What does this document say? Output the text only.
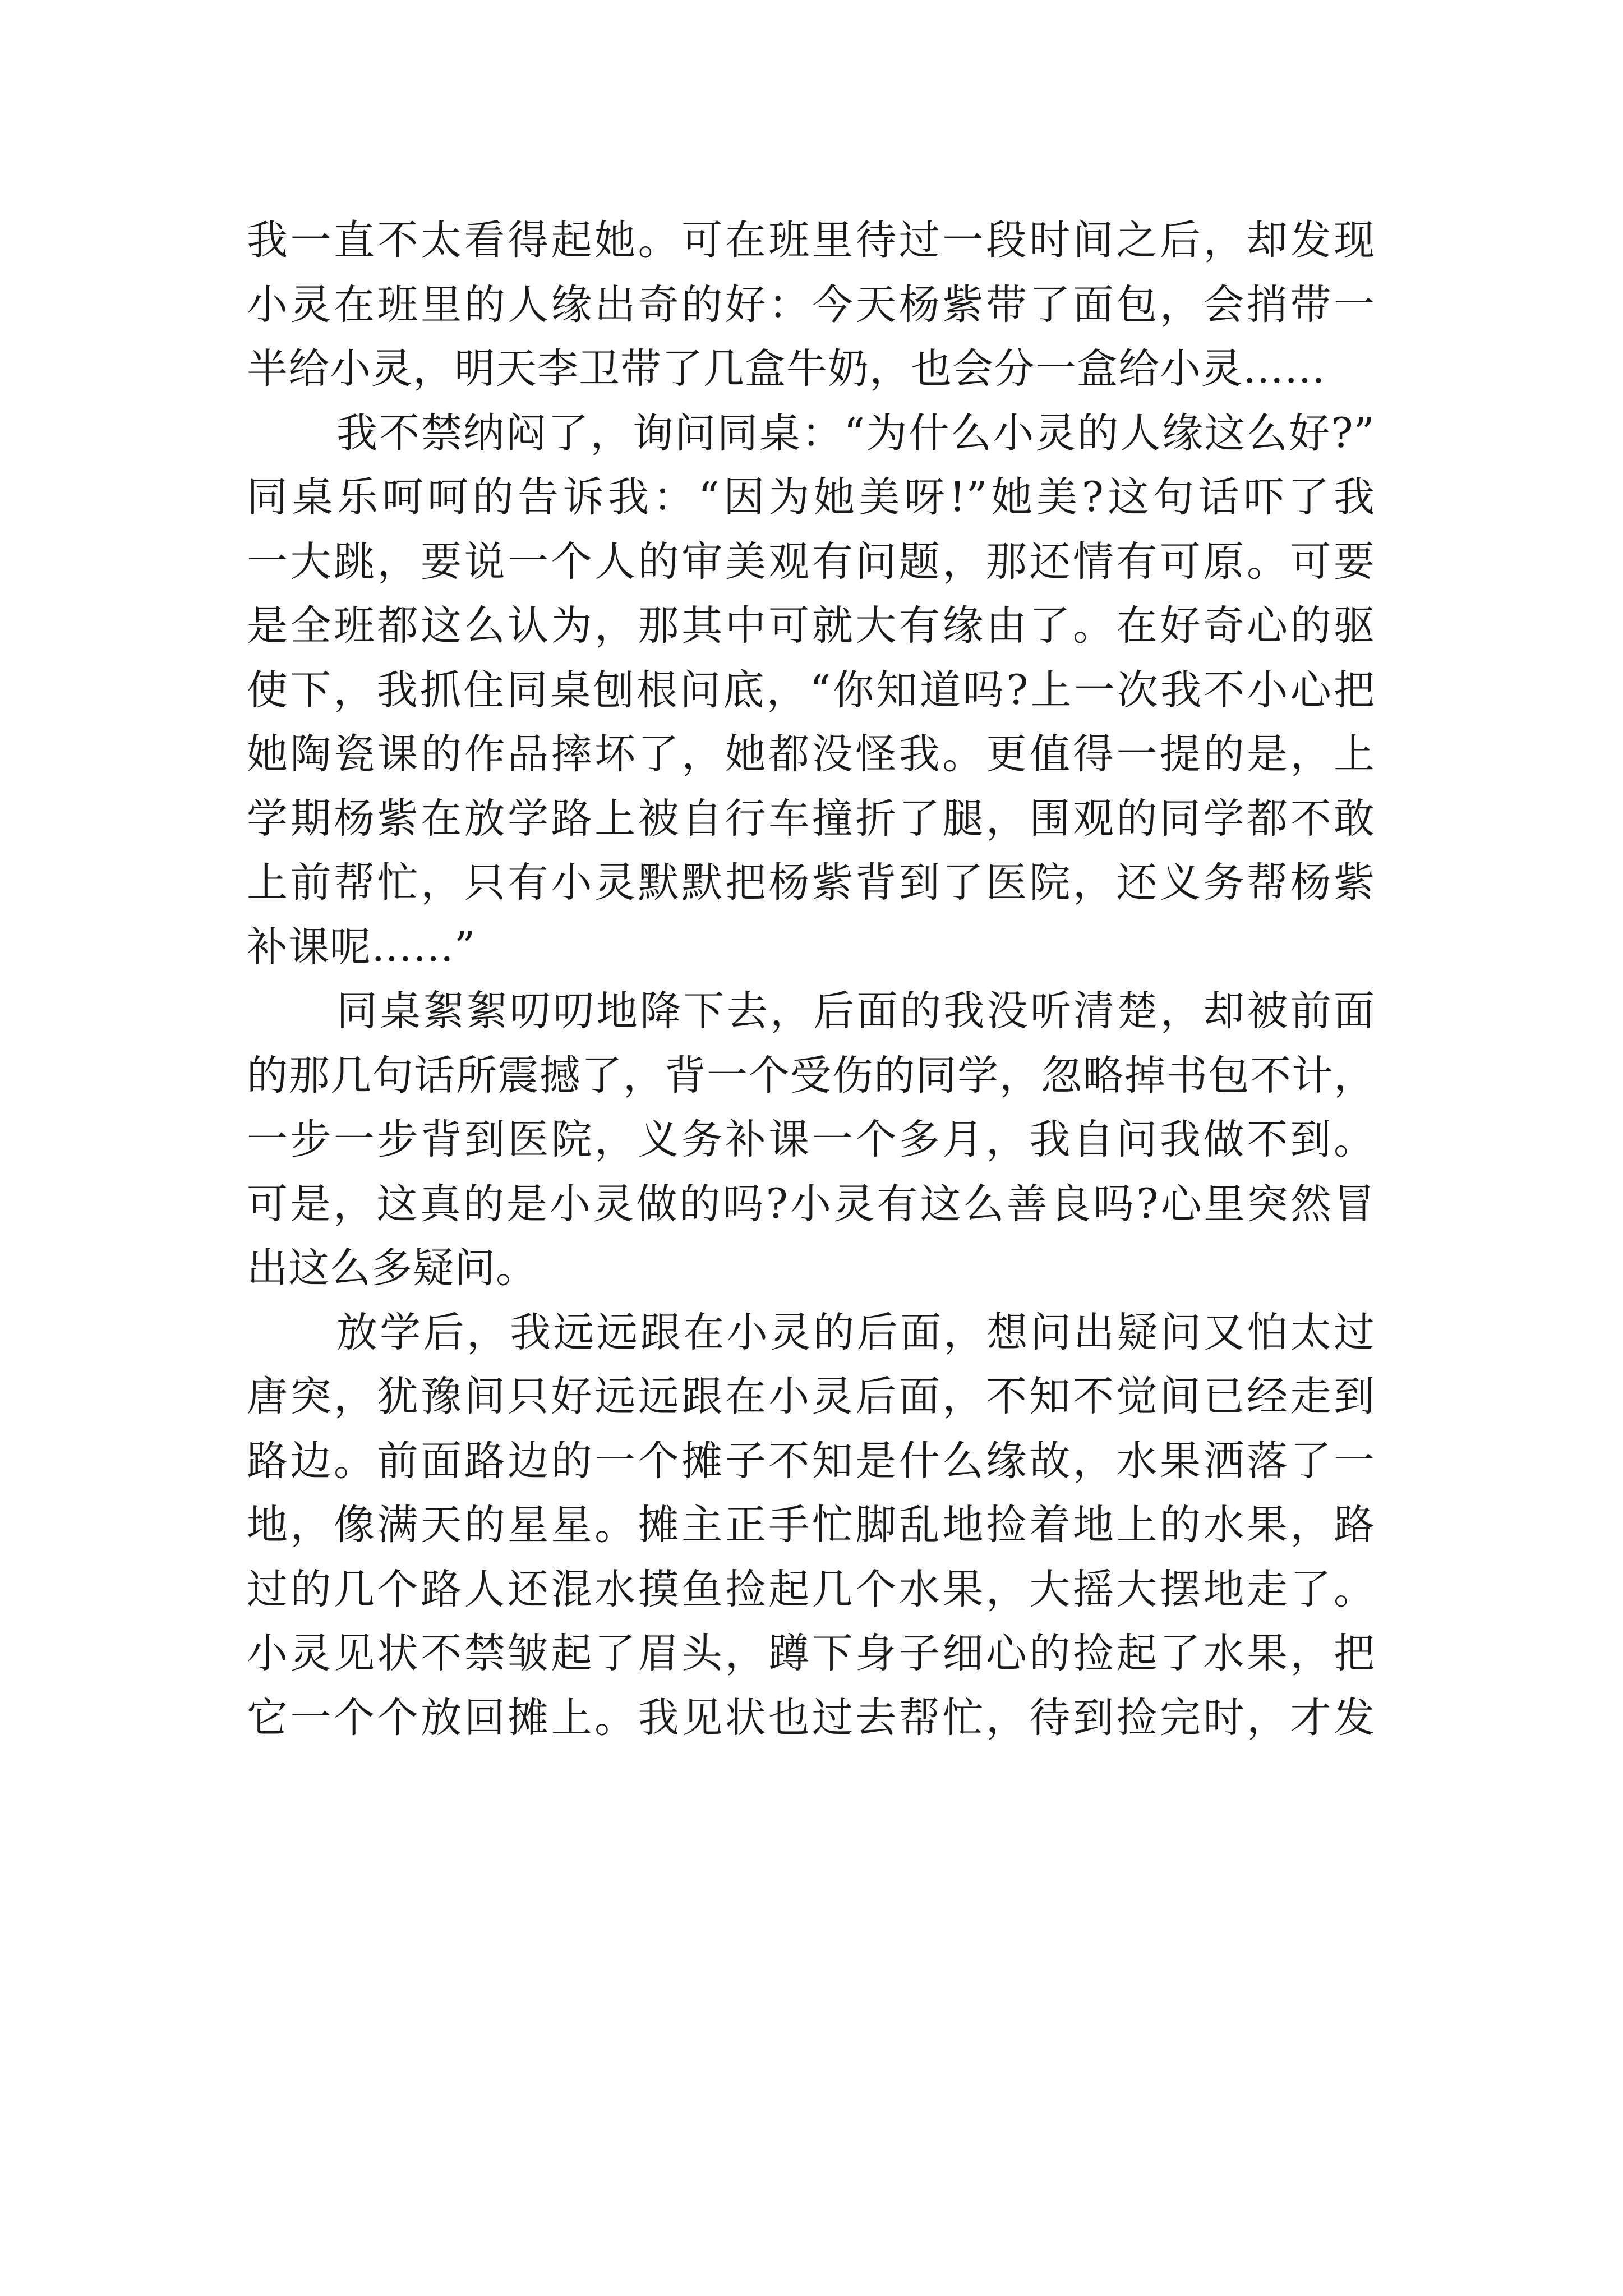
我一直不太看得起她。可在班里待过一段时间之后，却发现
小灵在班里的人缘出奇的好：今天杨紫带了面包，会捎带一
半给小灵，明天李卫带了几盒牛奶，也会分一盒给小灵……
我不禁纳闷了，询问同桌：“为什么小灵的人缘这么好?”
同桌乐呵呵的告诉我：“因为她美呀!”她美?这句话吓了我
一大跳，要说一个人的审美观有问题，那还情有可原。可要
是全班都这么认为，那其中可就大有缘由了。在好奇心的驱
使下，我抓住同桌刨根问底，“你知道吗?上一次我不小心把
她陶瓷课的作品摔坏了，她都没怪我。更值得一提的是，上
学期杨紫在放学路上被自行车撞折了腿，围观的同学都不敢
上前帮忙，只有小灵默默把杨紫背到了医院，还义务帮杨紫
补课呢……”
同桌絮絮叨叨地降下去，后面的我没听清楚，却被前面
的那几句话所震撼了，背一个受伤的同学，忽略掉书包不计，
一步一步背到医院，义务补课一个多月，我自问我做不到。
可是，这真的是小灵做的吗?小灵有这么善良吗?心里突然冒
出这么多疑问。
放学后，我远远跟在小灵的后面，想问出疑问又怕太过
唐突，犹豫间只好远远跟在小灵后面，不知不觉间已经走到
路边。前面路边的一个摊子不知是什么缘故，水果洒落了一
地，像满天的星星。摊主正手忙脚乱地捡着地上的水果，路
过的几个路人还混水摸鱼捡起几个水果，大摇大摆地走了。
小灵见状不禁皱起了眉头，蹲下身子细心的捡起了水果，把
它一个个放回摊上。我见状也过去帮忙，待到捡完时，才发
